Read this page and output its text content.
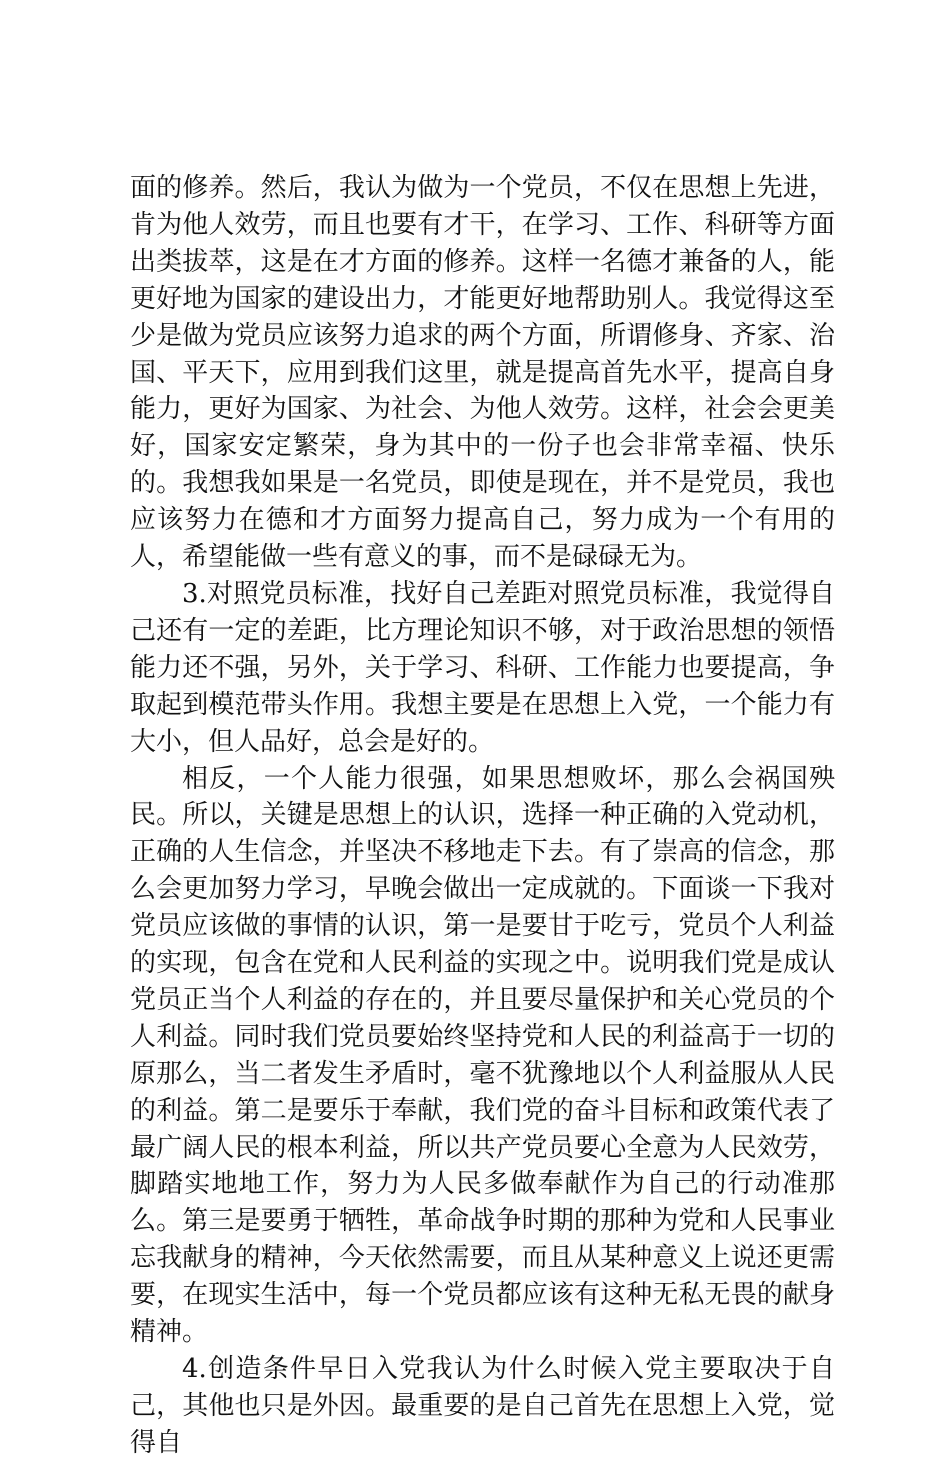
面的修养。然后，我认为做为一个党员，不仅在思想上先进，肯为他人效劳，而且也要有才干，在学习、工作、科研等方面出类拔萃，这是在才方面的修养。这样一名德才兼备的人，能更好地为国家的建设出力，才能更好地帮助别人。我觉得这至少是做为党员应该努力追求的两个方面，所谓修身、齐家、治国、平天下，应用到我们这里，就是提高首先水平，提高自身能力，更好为国家、为社会、为他人效劳。这样，社会会更美好，国家安定繁荣，身为其中的一份子也会非常幸福、快乐的。我想我如果是一名党员，即使是现在，并不是党员，我也应该努力在德和才方面努力提高自己，努力成为一个有用的人，希望能做一些有意义的事，而不是碌碌无为。

3.对照党员标准，找好自己差距对照党员标准，我觉得自己还有一定的差距，比方理论知识不够，对于政治思想的领悟能力还不强，另外，关于学习、科研、工作能力也要提高，争取起到模范带头作用。我想主要是在思想上入党，一个能力有大小，但人品好，总会是好的。

相反，一个人能力很强，如果思想败坏，那么会祸国殃民。所以，关键是思想上的认识，选择一种正确的入党动机，正确的人生信念，并坚决不移地走下去。有了崇高的信念，那么会更加努力学习，早晚会做出一定成就的。下面谈一下我对党员应该做的事情的认识，第一是要甘于吃亏，党员个人利益的实现，包含在党和人民利益的实现之中。说明我们党是成认党员正当个人利益的存在的，并且要尽量保护和关心党员的个人利益。同时我们党员要始终坚持党和人民的利益高于一切的原那么，当二者发生矛盾时，毫不犹豫地以个人利益服从人民的利益。第二是要乐于奉献，我们党的奋斗目标和政策代表了最广阔人民的根本利益，所以共产党员要心全意为人民效劳，脚踏实地地工作，努力为人民多做奉献作为自己的行动准那么。第三是要勇于牺牲，革命战争时期的那种为党和人民事业忘我献身的精神，今天依然需要，而且从某种意义上说还更需要，在现实生活中，每一个党员都应该有这种无私无畏的献身精神。

4.创造条件早日入党我认为什么时候入党主要取决于自己，其他也只是外因。最重要的是自己首先在思想上入党，觉得自
